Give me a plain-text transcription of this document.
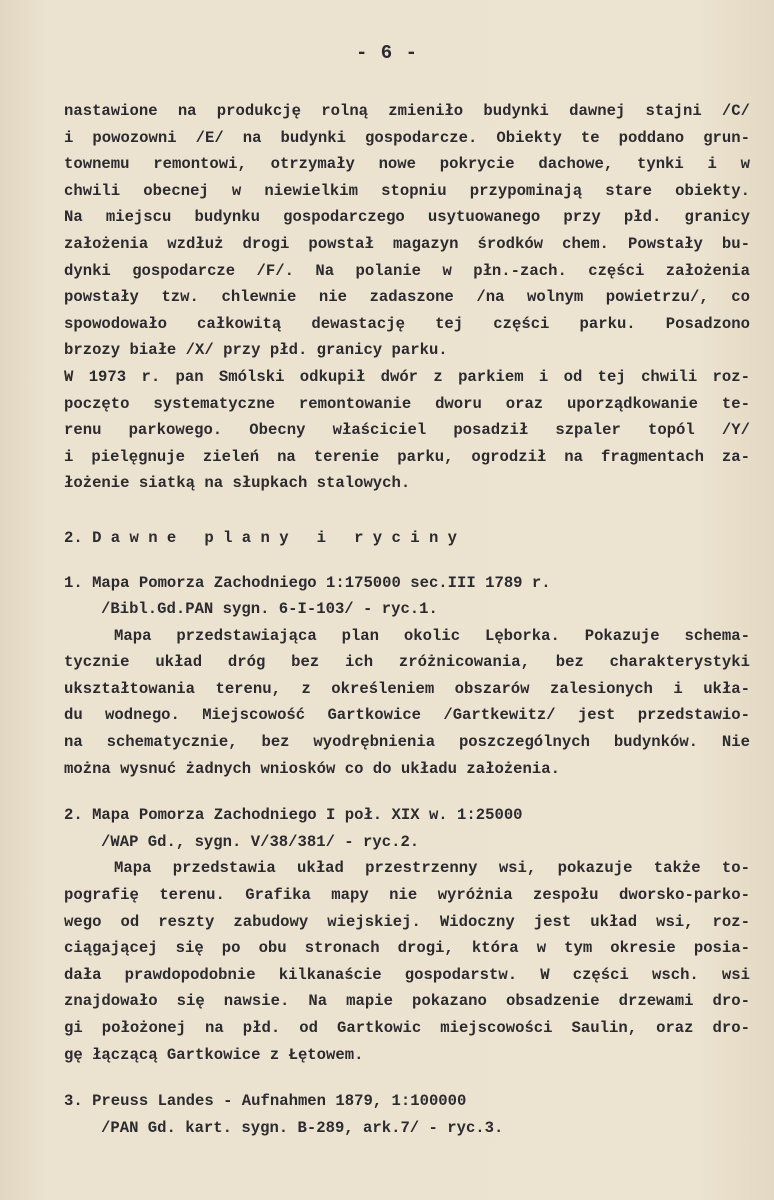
- 6 -
nastawione na produkcję rolną zmieniło budynki dawnej stajni /C/
i powozowni /E/ na budynki gospodarcze. Obiekty te poddano grun-
townemu remontowi, otrzymały nowe pokrycie dachowe, tynki i w
chwili obecnej w niewielkim stopniu przypominają stare obiekty.
Na miejscu budynku gospodarczego usytuowanego przy płd. granicy
założenia wzdłuż drogi powstał magazyn środków chem. Powstały bu-
dynki gospodarcze /F/. Na polanie w płn.-zach. części założenia
powstały tzw. chlewnie nie zadaszone /na wolnym powietrzu/, co
spowodowało całkowitą dewastację tej części parku. Posadzono
brzozy białe /X/ przy płd. granicy parku.
W 1973 r. pan Smólski odkupił dwór z parkiem i od tej chwili roz-
poczęto systematyczne remontowanie dworu oraz uporządkowanie te-
renu parkowego. Obecny właściciel posadził szpaler topól /Y/
i pielęgnuje zieleń na terenie parku, ogrodził na fragmentach za-
łożenie siatką na słupkach stalowych.
2. D a w n e   p l a n y   i   r y c i n y
1. Mapa Pomorza Zachodniego 1:175000 sec.III 1789 r.
/Bibl.Gd.PAN sygn. 6-I-103/ - ryc.1.
Mapa przedstawiająca plan okolic Lęborka. Pokazuje schema-
tycznie układ dróg bez ich zróżnicowania, bez charakterystyki
ukształtowania terenu, z określeniem obszarów zalesionych i ukła-
du wodnego. Miejscowość Gartkowice /Gartkewitz/ jest przedstawio-
na schematycznie, bez wyodrębnienia poszczególnych budynków. Nie
można wysnuć żadnych wniosków co do układu założenia.
2. Mapa Pomorza Zachodniego I poł. XIX w. 1:25000
/WAP Gd., sygn. V/38/381/ - ryc.2.
Mapa przedstawia układ przestrzenny wsi, pokazuje także to-
pografię terenu. Grafika mapy nie wyróżnia zespołu dworsko-parko-
wego od reszty zabudowy wiejskiej. Widoczny jest układ wsi, roz-
ciągającej się po obu stronach drogi, która w tym okresie posia-
dała prawdopodobnie kilkanaście gospodarstw. W części wsch. wsi
znajdowało się nawsie. Na mapie pokazano obsadzenie drzewami dro-
gi położonej na płd. od Gartkowic miejscowości Saulin, oraz dro-
gę łączącą Gartkowice z Łętowem.
3. Preuss Landes - Aufnahmen 1879, 1:100000
/PAN Gd. kart. sygn. B-289, ark.7/ - ryc.3.
